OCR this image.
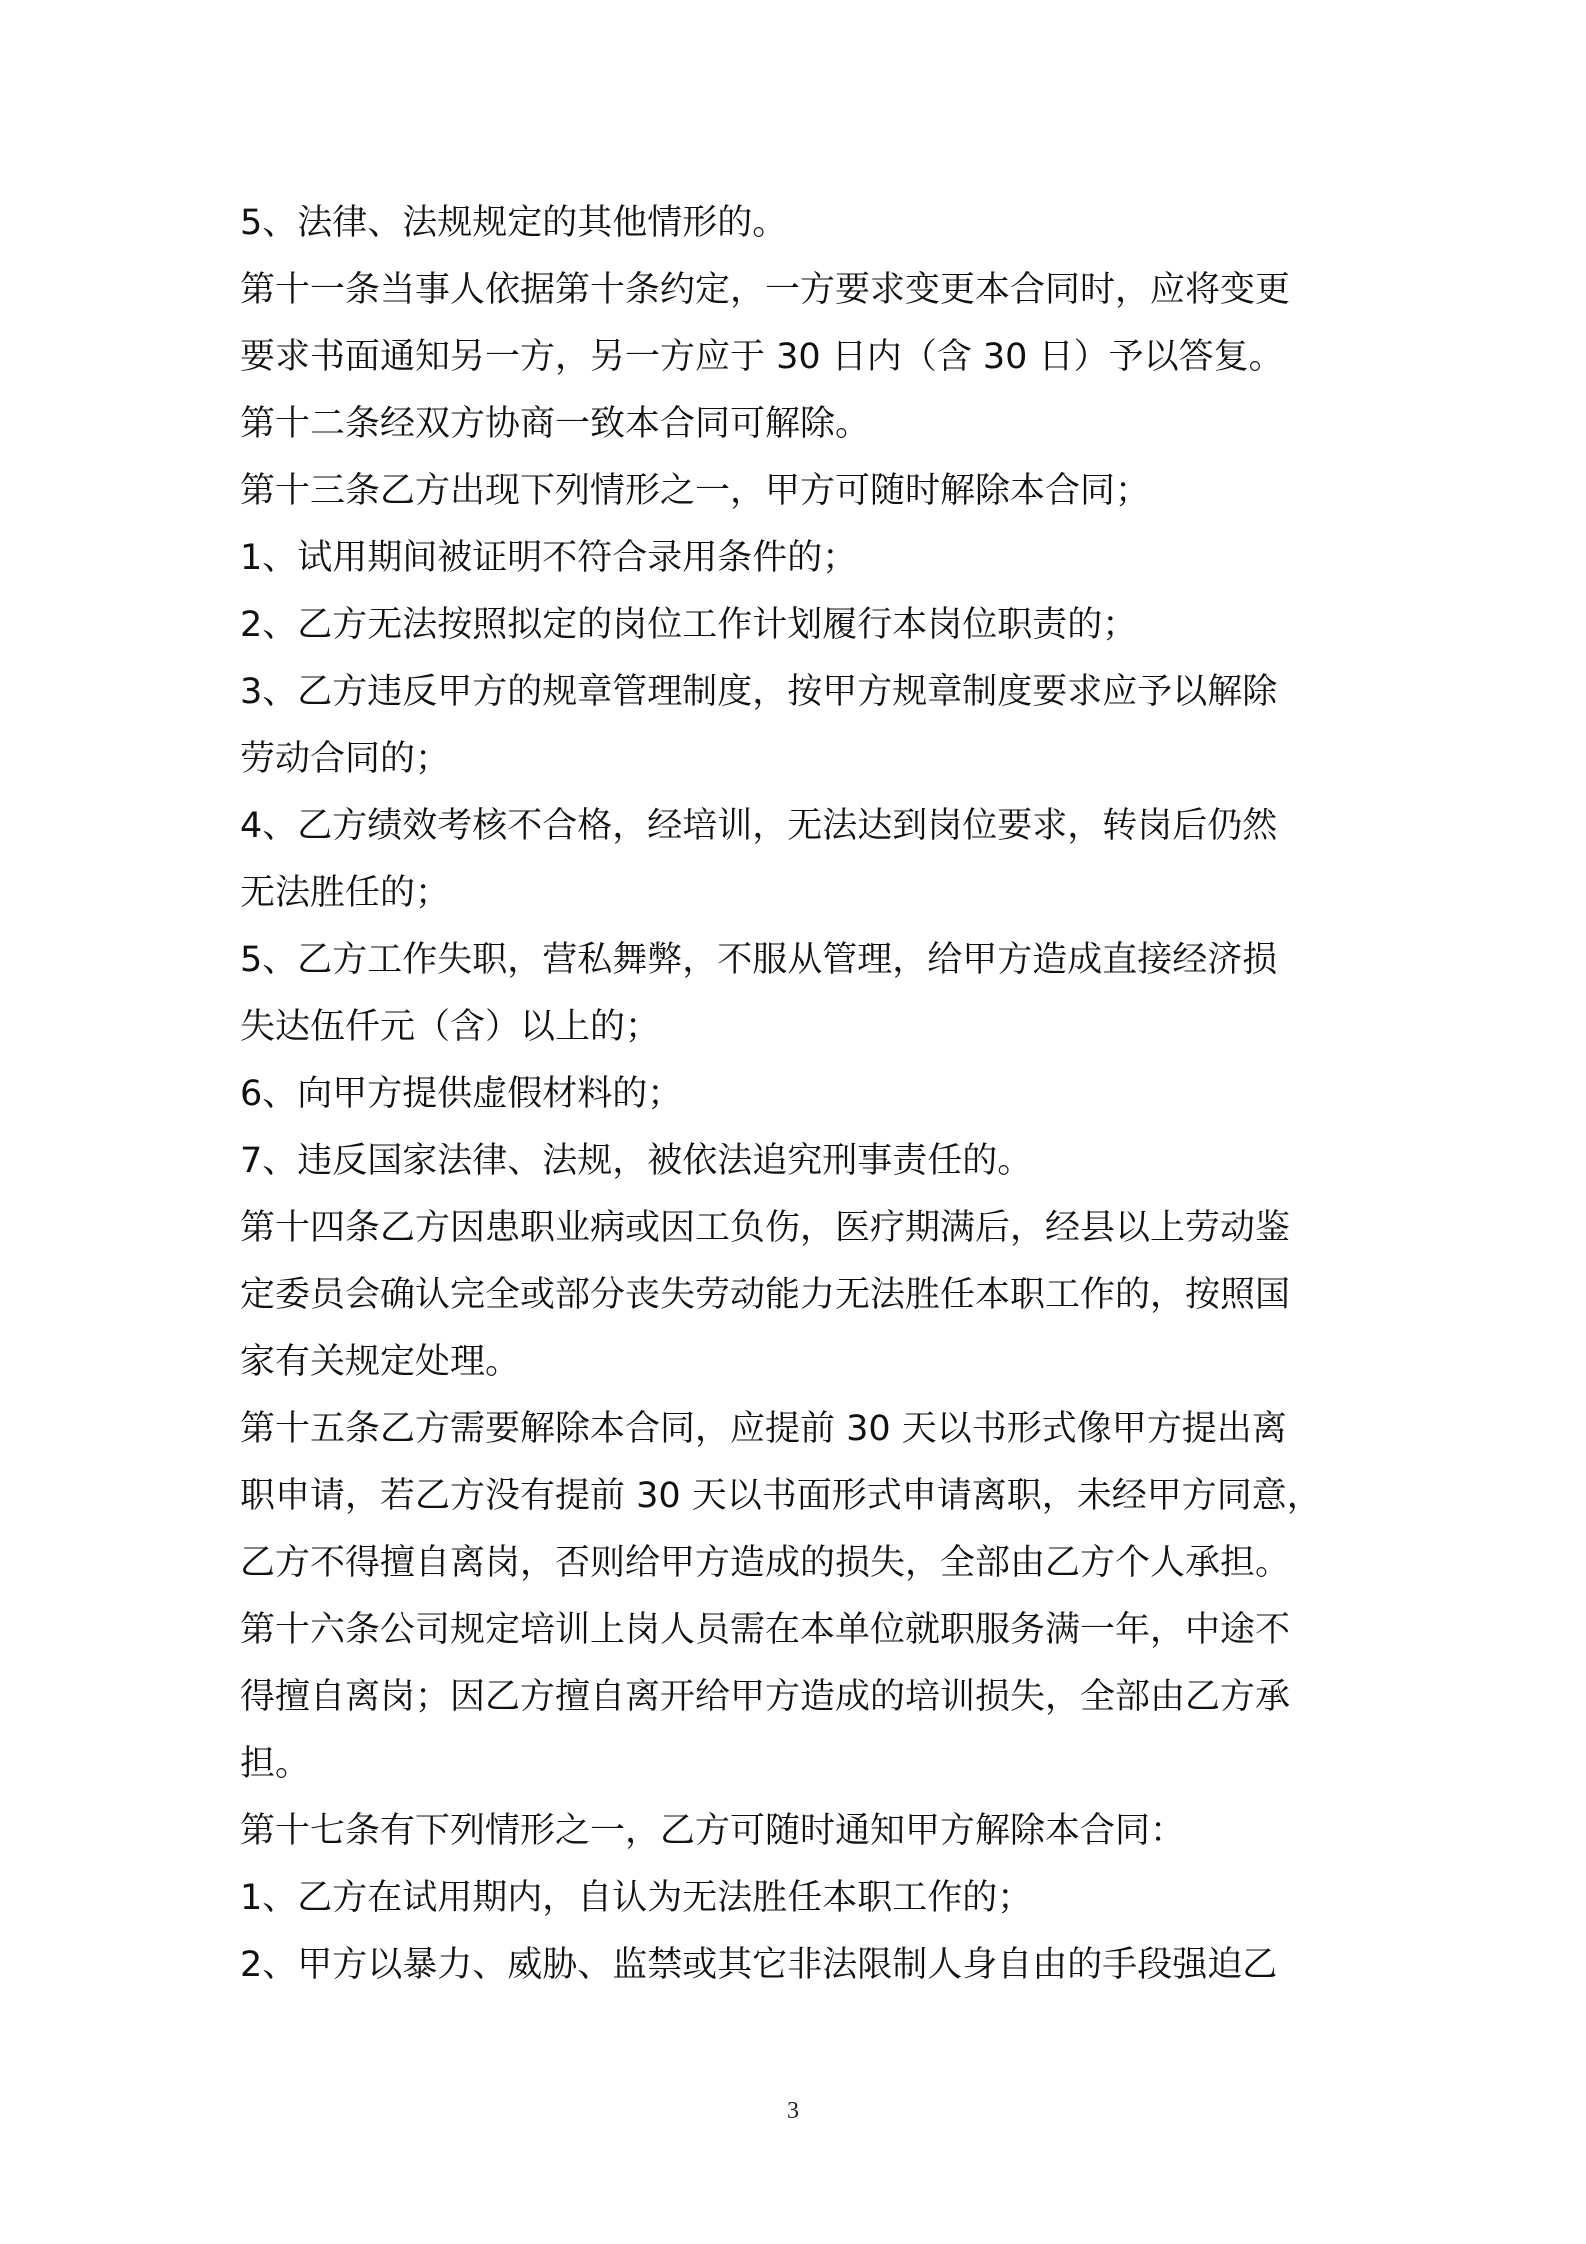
5、法律、法规规定的其他情形的。

第十一条当事人依据第十条约定，一方要求变更本合同时，应将变更

要求书面通知另一方，另一方应于 30 日内（含 30 日）予以答复。

第十二条经双方协商一致本合同可解除。

第十三条乙方出现下列情形之一，甲方可随时解除本合同；

1、试用期间被证明不符合录用条件的；

2、乙方无法按照拟定的岗位工作计划履行本岗位职责的；

3、乙方违反甲方的规章管理制度，按甲方规章制度要求应予以解除

劳动合同的；

4、乙方绩效考核不合格，经培训，无法达到岗位要求，转岗后仍然

无法胜任的；

5、乙方工作失职，营私舞弊，不服从管理，给甲方造成直接经济损

失达伍仟元（含）以上的；

6、向甲方提供虚假材料的；

7、违反国家法律、法规，被依法追究刑事责任的。

第十四条乙方因患职业病或因工负伤，医疗期满后，经县以上劳动鉴

定委员会确认完全或部分丧失劳动能力无法胜任本职工作的，按照国

家有关规定处理。

第十五条乙方需要解除本合同，应提前 30 天以书形式像甲方提出离

职申请，若乙方没有提前 30 天以书面形式申请离职，未经甲方同意，

乙方不得擅自离岗，否则给甲方造成的损失，全部由乙方个人承担。

第十六条公司规定培训上岗人员需在本单位就职服务满一年，中途不

得擅自离岗；因乙方擅自离开给甲方造成的培训损失，全部由乙方承

担。

第十七条有下列情形之一，乙方可随时通知甲方解除本合同：

1、乙方在试用期内，自认为无法胜任本职工作的；

2、甲方以暴力、威胁、监禁或其它非法限制人身自由的手段强迫乙

3
